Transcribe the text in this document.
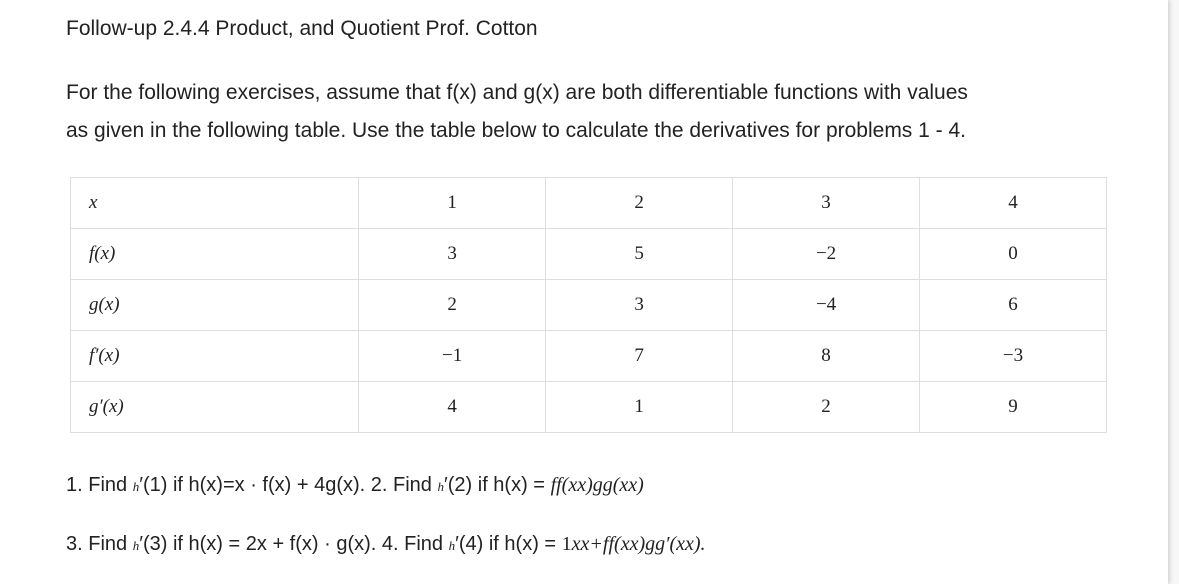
Follow-up 2.4.4 Product, and Quotient Prof. Cotton
For the following exercises, assume that f(x) and g(x) are both differentiable functions with values
as given in the following table. Use the table below to calculate the derivatives for problems 1 - 4.
x	1	2	3	4
f(x)	3	5	−2	0
g(x)	2	3	−4	6
f′(x)	−1	7	8	−3
g′(x)	4	1	2	9
1. Find h′(1) if h(x)=x · f(x) + 4g(x). 2. Find h′(2) if h(x) = ff(xx)gg(xx)
3. Find h′(3) if h(x) = 2x + f(x) · g(x). 4. Find h′(4) if h(x) = 1xx+ff(xx)gg′(xx).
